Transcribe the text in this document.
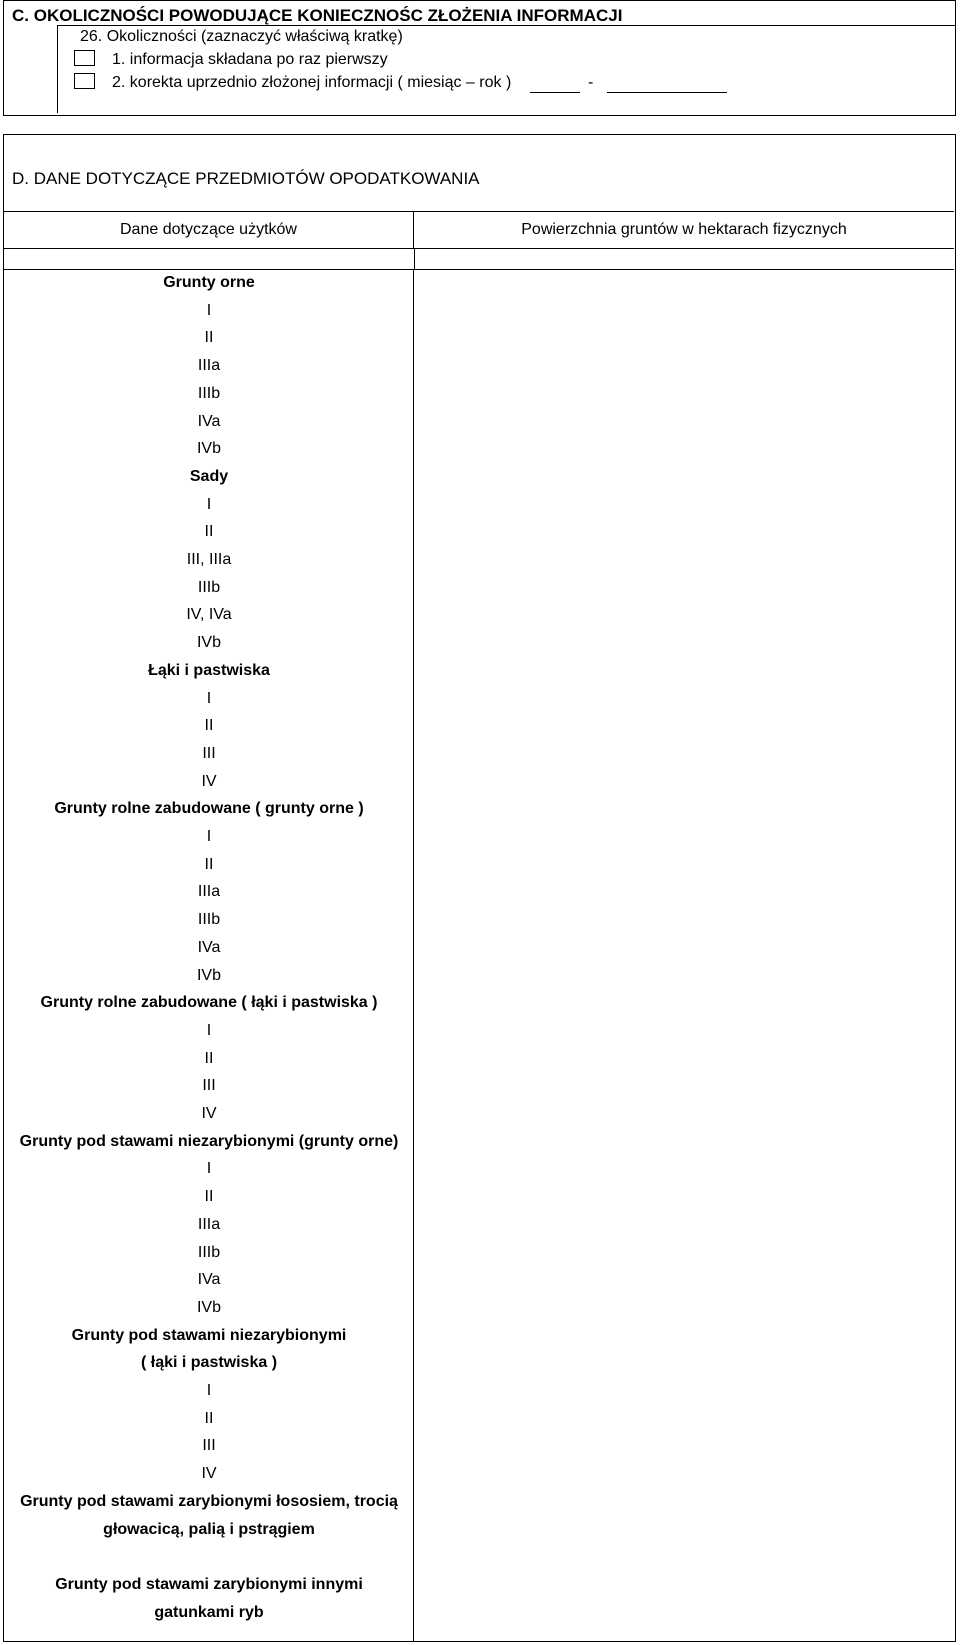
C. OKOLICZNOŚCI POWODUJĄCE KONIECZNOŚC ZŁOŻENIA INFORMACJI
26. Okoliczności (zaznaczyć właściwą kratkę)
1. informacja składana po raz pierwszy
2. korekta uprzednio złożonej informacji ( miesiąc – rok )	-
D. DANE DOTYCZĄCE PRZEDMIOTÓW OPODATKOWANIA
Dane dotyczące użytków	Powierzchnia gruntów w hektarach fizycznych
Grunty orne
I
II
IIIa
IIIb
IVa
IVb
Sady
I
II
III, IIIa
IIIb
IV, IVa
IVb
Łąki i pastwiska
I
II
III
IV
Grunty rolne zabudowane ( grunty orne )
I
II
IIIa
IIIb
IVa
IVb
Grunty rolne zabudowane ( łąki i pastwiska )
I
II
III
IV
Grunty pod stawami niezarybionymi (grunty orne)
I
II
IIIa
IIIb
IVa
IVb
Grunty pod stawami niezarybionymi
( łąki i pastwiska )
I
II
III
IV
Grunty pod stawami zarybionymi łososiem, trocią
głowacicą, palią i pstrągiem
Grunty pod stawami zarybionymi innymi
gatunkami ryb
